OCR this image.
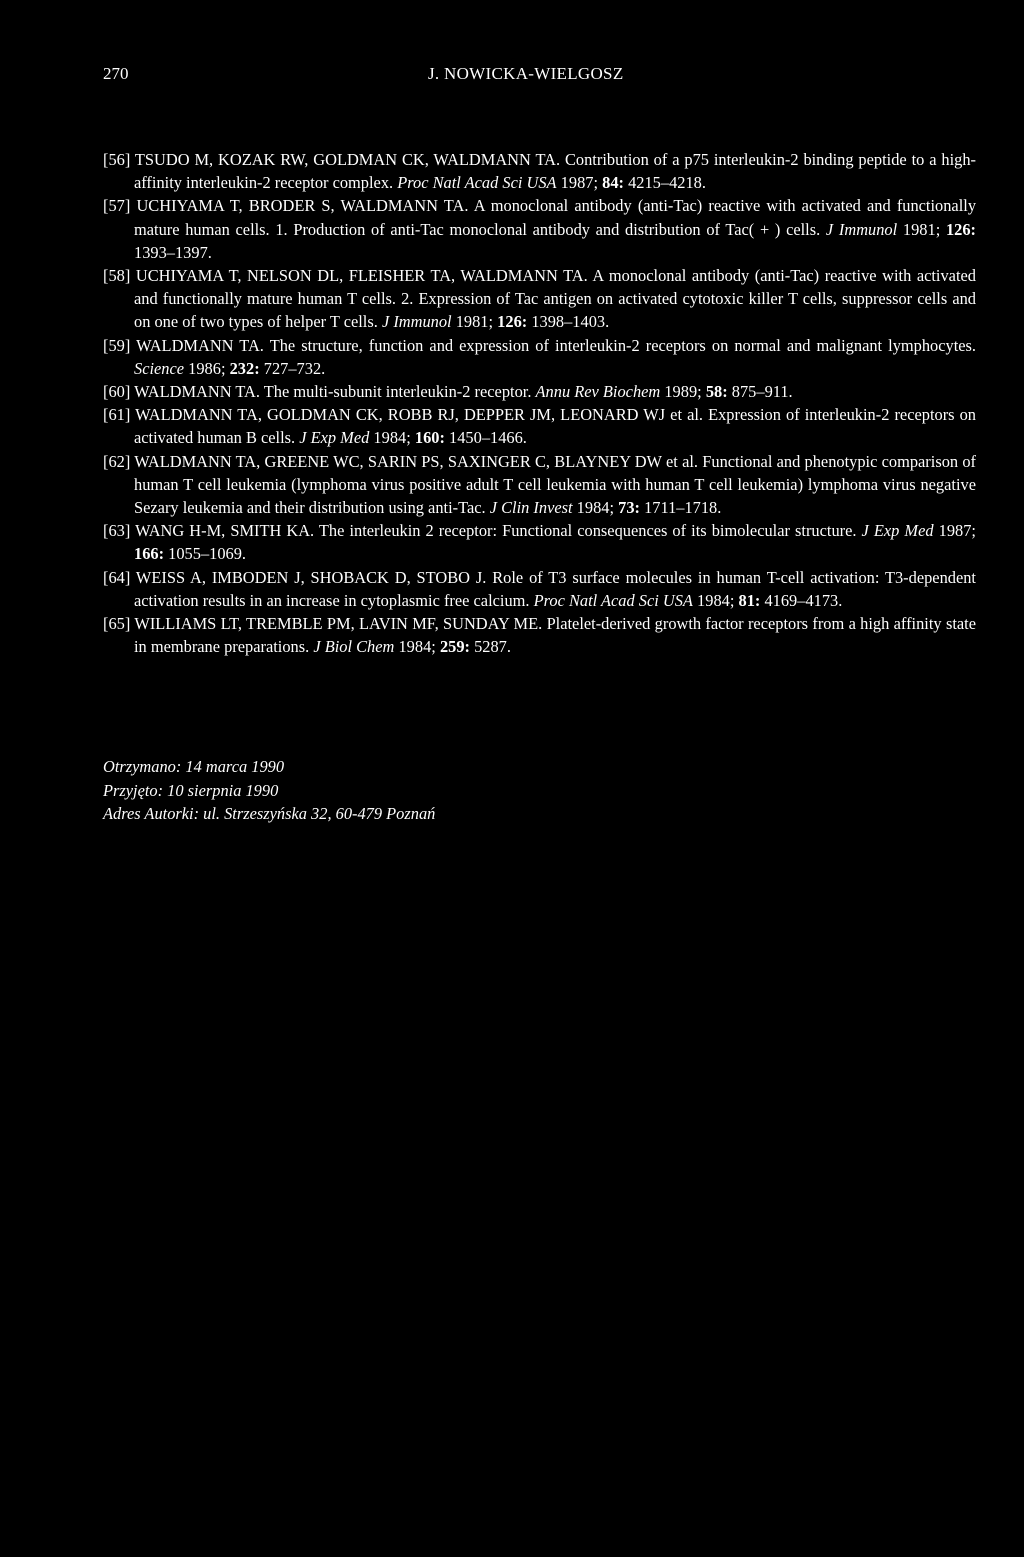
270	J. NOWICKA-WIELGOSZ
[56] TSUDO M, KOZAK RW, GOLDMAN CK, WALDMANN TA. Contribution of a p75 interleukin-2 binding peptide to a high-affinity interleukin-2 receptor complex. Proc Natl Acad Sci USA 1987; 84: 4215–4218.
[57] UCHIYAMA T, BRODER S, WALDMANN TA. A monoclonal antibody (anti-Tac) reactive with activated and functionally mature human cells. 1. Production of anti-Tac monoclonal antibody and distribution of Tac( + ) cells. J Immunol 1981; 126: 1393–1397.
[58] UCHIYAMA T, NELSON DL, FLEISHER TA, WALDMANN TA. A monoclonal antibody (anti-Tac) reactive with activated and functionally mature human T cells. 2. Expression of Tac antigen on activated cytotoxic killer T cells, suppressor cells and on one of two types of helper T cells. J Immunol 1981; 126: 1398–1403.
[59] WALDMANN TA. The structure, function and expression of interleukin-2 receptors on normal and malignant lymphocytes. Science 1986; 232: 727–732.
[60] WALDMANN TA. The multi-subunit interleukin-2 receptor. Annu Rev Biochem 1989; 58: 875–911.
[61] WALDMANN TA, GOLDMAN CK, ROBB RJ, DEPPER JM, LEONARD WJ et al. Expression of interleukin-2 receptors on activated human B cells. J Exp Med 1984; 160: 1450–1466.
[62] WALDMANN TA, GREENE WC, SARIN PS, SAXINGER C, BLAYNEY DW et al. Functional and phenotypic comparison of human T cell leukemia (lymphoma virus positive adult T cell leukemia with human T cell leukemia) lymphoma virus negative Sezary leukemia and their distribution using anti-Tac. J Clin Invest 1984; 73: 1711–1718.
[63] WANG H-M, SMITH KA. The interleukin 2 receptor: Functional consequences of its bimolecular structure. J Exp Med 1987; 166: 1055–1069.
[64] WEISS A, IMBODEN J, SHOBACK D, STOBO J. Role of T3 surface molecules in human T-cell activation: T3-dependent activation results in an increase in cytoplasmic free calcium. Proc Natl Acad Sci USA 1984; 81: 4169–4173.
[65] WILLIAMS LT, TREMBLE PM, LAVIN MF, SUNDAY ME. Platelet-derived growth factor receptors from a high affinity state in membrane preparations. J Biol Chem 1984; 259: 5287.
Otrzymano: 14 marca 1990
Przyjęto: 10 sierpnia 1990
Adres Autorki: ul. Strzeszyńska 32, 60-479 Poznań
